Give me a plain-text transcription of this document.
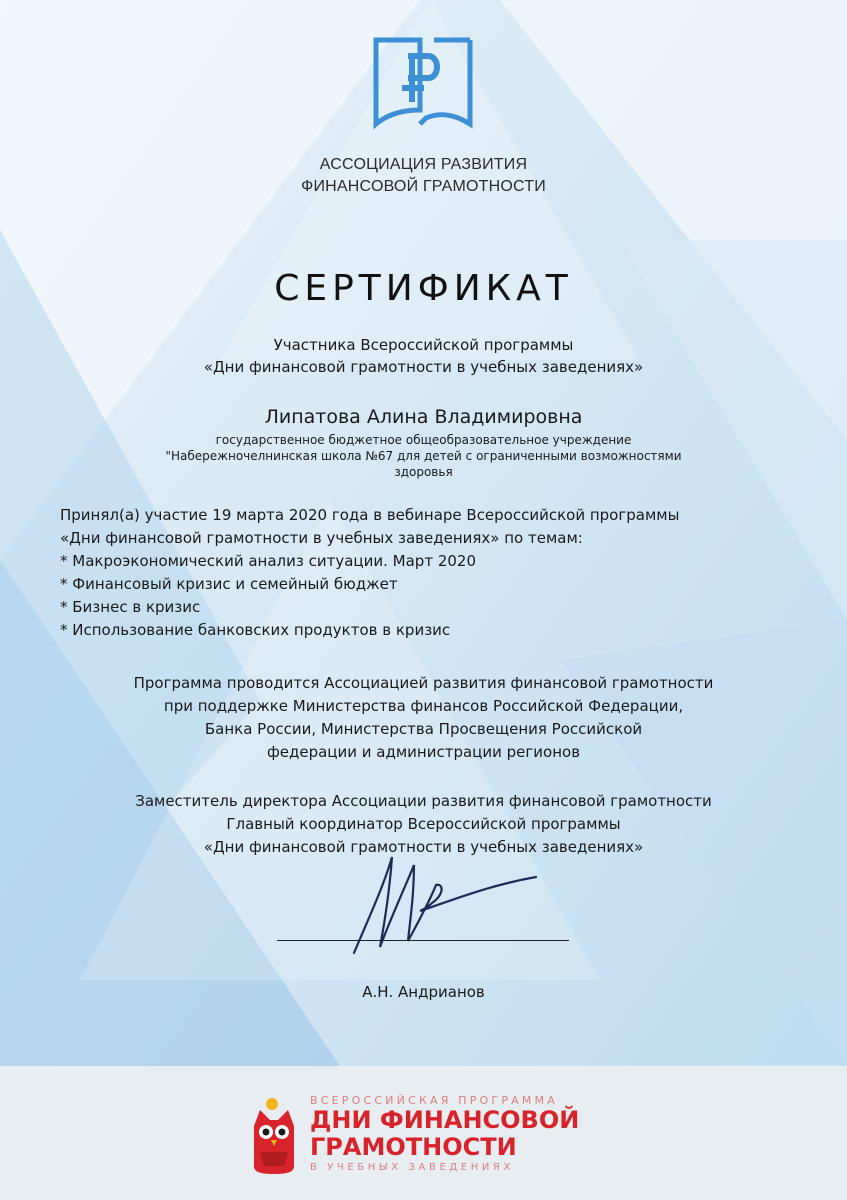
АССОЦИАЦИЯ РАЗВИТИЯ
ФИНАНСОВОЙ ГРАМОТНОСТИ
СЕРТИФИКАТ
Участника Всероссийской программы
«Дни финансовой грамотности в учебных заведениях»
Липатова Алина Владимировна
государственное бюджетное общеобразовательное учреждение
"Набережночелнинская школа №67 для детей с ограниченными возможностями
здоровья
Принял(а) участие 19 марта 2020 года в вебинаре Всероссийской программы
«Дни финансовой грамотности в учебных заведениях» по темам:
* Макроэкономический анализ ситуации. Март 2020
* Финансовый кризис и семейный бюджет
* Бизнес в кризис
* Использование банковских продуктов в кризис
Программа проводится Ассоциацией развития финансовой грамотности
при поддержке Министерства финансов Российской Федерации,
Банка России, Министерства Просвещения Российской
федерации и администрации регионов
Заместитель директора Ассоциации развития финансовой грамотности
Главный координатор Всероссийской программы
«Дни финансовой грамотности в учебных заведениях»
А.Н. Андрианов
ВСЕРОССИЙСКАЯ ПРОГРАММА
ДНИ ФИНАНСОВОЙ
ГРАМОТНОСТИ
В УЧЕБНЫХ ЗАВЕДЕНИЯХ
